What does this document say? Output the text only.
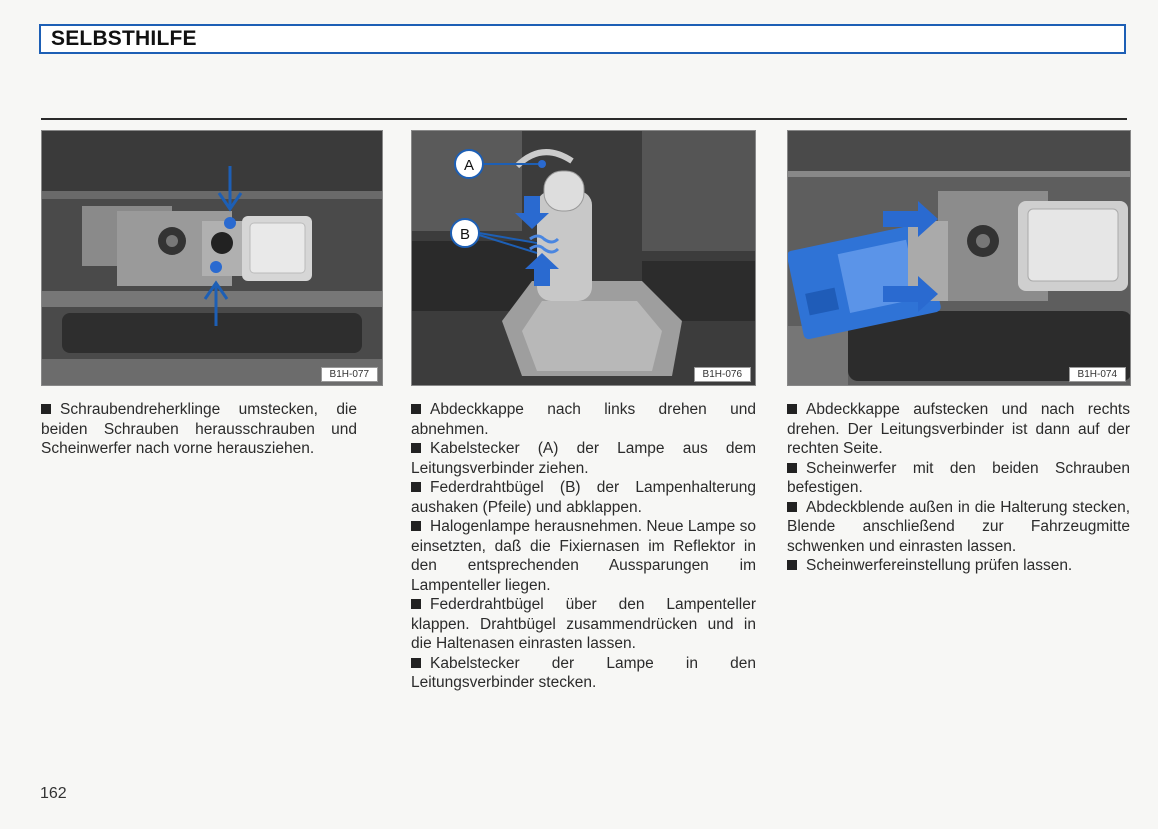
SELBSTHILFE
B1H-077
A
B
B1H-076	B1H-074

Schraubendreherklinge umstecken, die beiden Schrauben herausschrauben und Scheinwerfer nach vorne herausziehen.

Abdeckkappe nach links drehen und abnehmen.

Kabelstecker (A) der Lampe aus dem Leitungsverbinder ziehen.

Federdrahtbügel (B) der Lampenhalterung aushaken (Pfeile) und abklappen.

Halogenlampe herausnehmen. Neue Lampe so einsetzten, daß die Fixiernasen im Reflektor in den entsprechenden Aussparungen im Lampenteller liegen.

Federdrahtbügel über den Lampenteller klappen. Drahtbügel zusammendrücken und in die Haltenasen einrasten lassen.

Kabelstecker der Lampe in den Leitungsverbinder stecken.

Abdeckkappe aufstecken und nach rechts drehen. Der Leitungsverbinder ist dann auf der rechten Seite.

Scheinwerfer mit den beiden Schrauben befestigen.

Abdeckblende außen in die Halterung stecken, Blende anschließend zur Fahrzeugmitte schwenken und einrasten lassen.

Scheinwerfereinstellung prüfen lassen.

162
